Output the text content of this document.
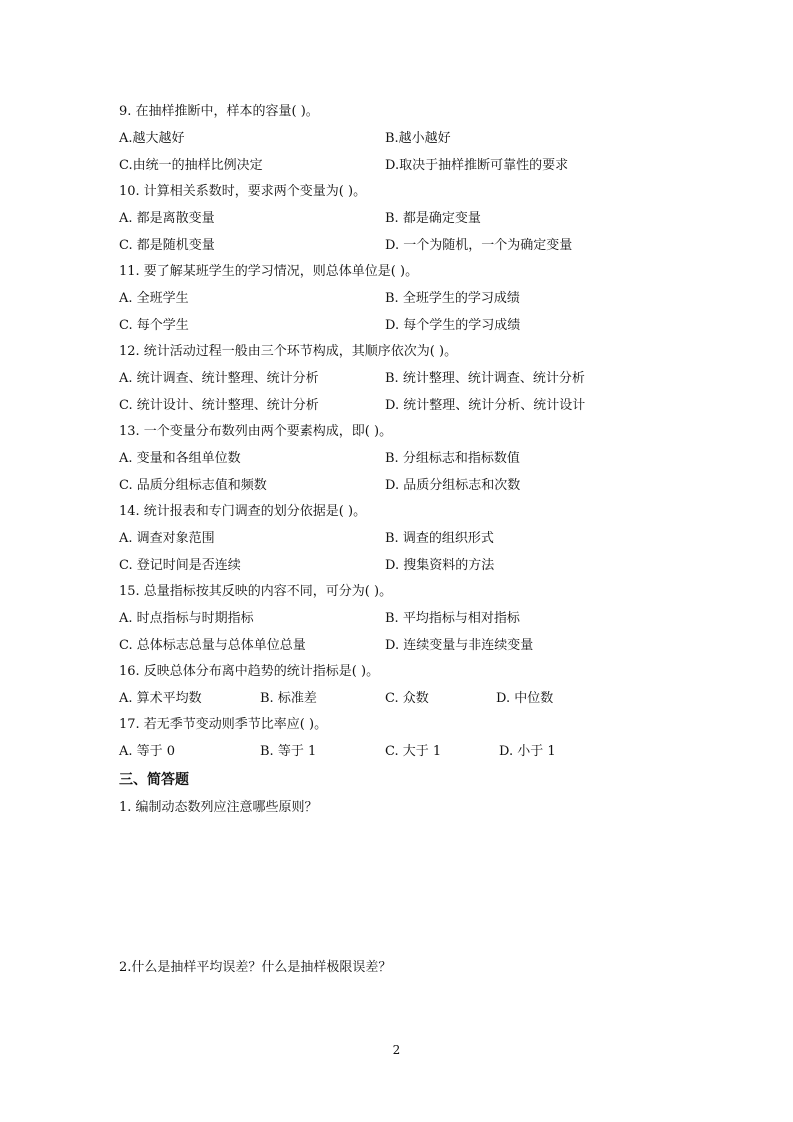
9. 在抽样推断中，样本的容量( )。
A.越大越好	B.越小越好
C.由统一的抽样比例决定	D.取决于抽样推断可靠性的要求
10. 计算相关系数时，要求两个变量为( )。
A. 都是离散变量	B. 都是确定变量
C. 都是随机变量	D. 一个为随机，一个为确定变量
11. 要了解某班学生的学习情况，则总体单位是( )。
A. 全班学生	B. 全班学生的学习成绩
C. 每个学生	D. 每个学生的学习成绩
12. 统计活动过程一般由三个环节构成，其顺序依次为( )。
A. 统计调查、统计整理、统计分析	B. 统计整理、统计调查、统计分析
C. 统计设计、统计整理、统计分析	D. 统计整理、统计分析、统计设计
13. 一个变量分布数列由两个要素构成，即( )。
A. 变量和各组单位数	B. 分组标志和指标数值
C. 品质分组标志值和频数	D. 品质分组标志和次数
14. 统计报表和专门调查的划分依据是( )。
A. 调查对象范围	B. 调查的组织形式
C. 登记时间是否连续	D. 搜集资料的方法
15. 总量指标按其反映的内容不同，可分为( )。
A. 时点指标与时期指标	B. 平均指标与相对指标
C. 总体标志总量与总体单位总量	D. 连续变量与非连续变量
16. 反映总体分布离中趋势的统计指标是( )。
A. 算术平均数	B. 标准差	C. 众数	D. 中位数
17. 若无季节变动则季节比率应( )。
A. 等于 0	B. 等于 1	C. 大于 1	D. 小于 1
三、简答题
1. 编制动态数列应注意哪些原则？
2.什么是抽样平均误差？什么是抽样极限误差？
2
